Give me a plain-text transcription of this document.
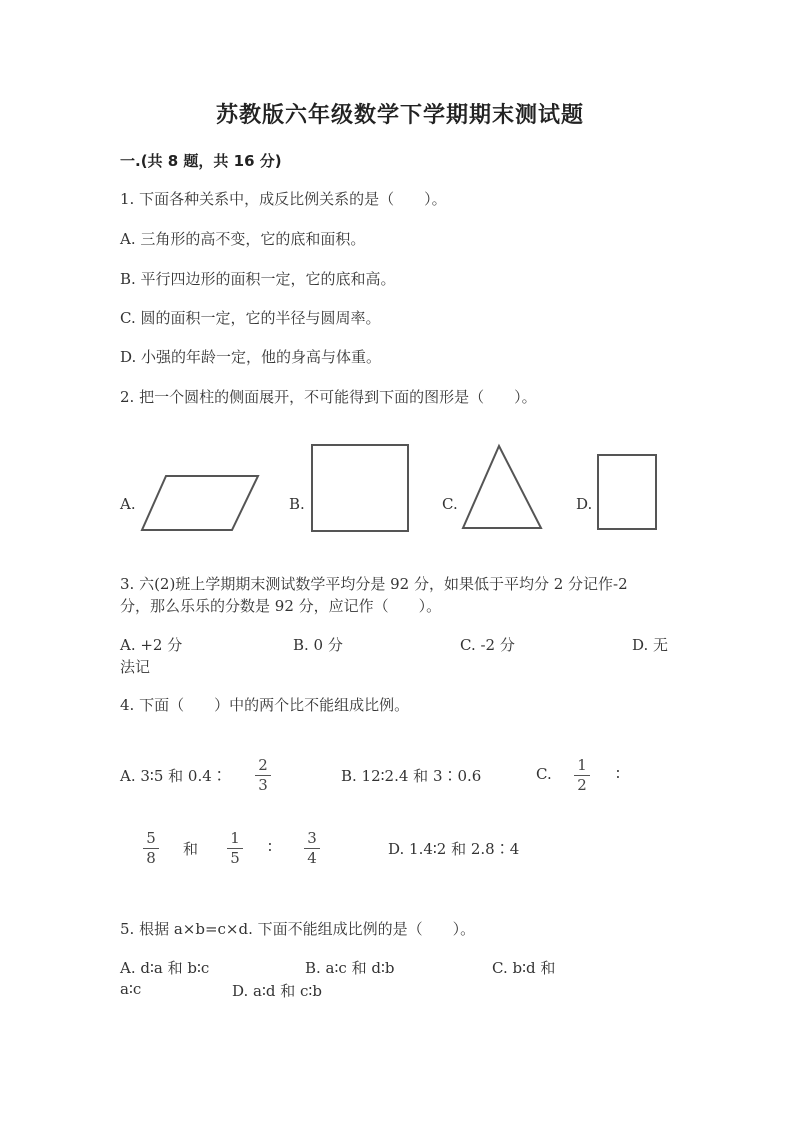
苏教版六年级数学下学期期末测试题
一.(共 8 题，共 16 分)
1. 下面各种关系中，成反比例关系的是（　　）。
A. 三角形的高不变，它的底和面积。
B. 平行四边形的面积一定，它的底和高。
C. 圆的面积一定，它的半径与圆周率。
D. 小强的年龄一定，他的身高与体重。
2. 把一个圆柱的侧面展开，不可能得到下面的图形是（　　）。
A.	B.	C.	D.
3. 六(2)班上学期期末测试数学平均分是 92 分，如果低于平均分 2 分记作-2
分，那么乐乐的分数是 92 分，应记作（　　）。
A. +2 分	B. 0 分	C. -2 分	D. 无
法记
4. 下面（　　）中的两个比不能组成比例。
A. 3∶5 和 0.4∶
2
3	B. 12∶2.4 和 3∶0.6	C.	1
2
∶
5
8	和
1
5
∶	3
4	D. 1.4∶2 和 2.8∶4
5. 根据 a×b=c×d. 下面不能组成比例的是（　　）。
A. d∶a 和 b∶c	B. a∶c 和 d∶b	C. b∶d 和
a∶c	D. a∶d 和 c∶b
